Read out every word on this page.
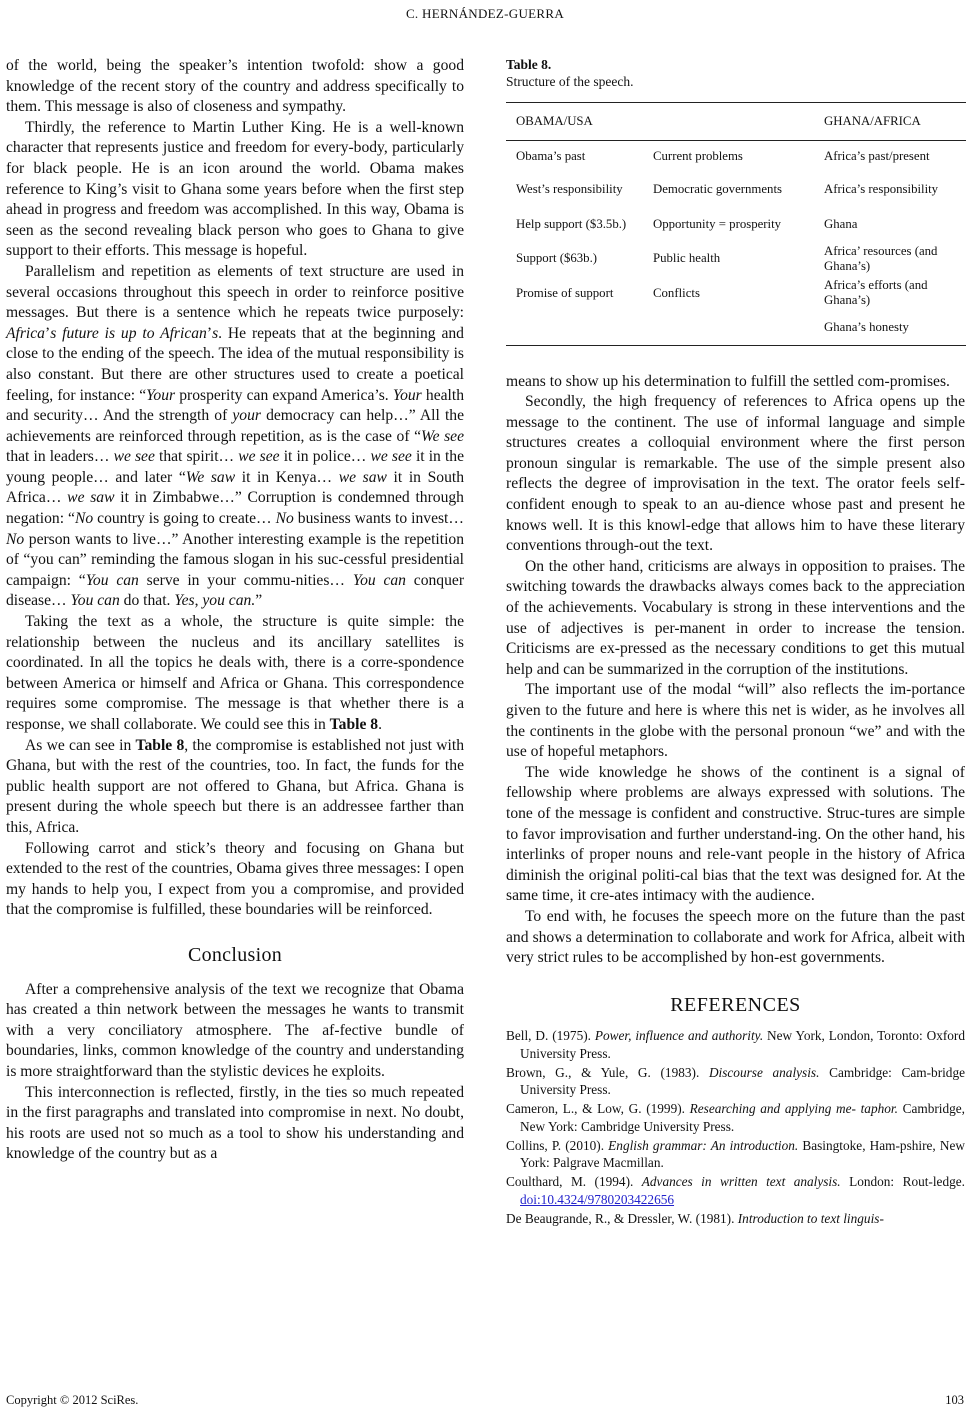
C. HERNÁNDEZ-GUERRA

of the world, being the speaker’s intention twofold: show a good knowledge of the recent story of the country and address specifically to them. This message is also of closeness and sympathy.

Thirdly, the reference to Martin Luther King. He is a well-known character that represents justice and freedom for every-body, particularly for black people. He is an icon around the world. Obama makes reference to King’s visit to Ghana some years before when the first step ahead in progress and freedom was accomplished. In this way, Obama is seen as the second revealing black person who goes to Ghana to give support to their efforts. This message is hopeful.

Parallelism and repetition as elements of text structure are used in several occasions throughout this speech in order to reinforce positive messages. But there is a sentence which he repeats twice purposely: Africa’s future is up to African’s. He repeats that at the beginning and close to the ending of the speech. The idea of the mutual responsibility is also constant. But there are other structures used to create a poetical feeling, for instance: “Your prosperity can expand America’s. Your health and security… And the strength of your democracy can help…” All the achievements are reinforced through repetition, as is the case of “We see that in leaders… we see that spirit… we see it in police… we see it in the young people… and later “We saw it in Kenya… we saw it in South Africa… we saw it in Zimbabwe…” Corruption is condemned through negation: “No country is going to create… No business wants to invest… No person wants to live…” Another interesting example is the repetition of “you can” reminding the famous slogan in his suc-cessful presidential campaign: “You can serve in your commu-nities… You can conquer disease… You can do that. Yes, you can.”

Taking the text as a whole, the structure is quite simple: the relationship between the nucleus and its ancillary satellites is coordinated. In all the topics he deals with, there is a corre-spondence between America or himself and Africa or Ghana. This correspondence requires some compromise. The message is that whether there is a response, we shall collaborate. We could see this in Table 8.

As we can see in Table 8, the compromise is established not just with Ghana, but with the rest of the countries, too. In fact, the funds for the public health support are not offered to Ghana, but Africa. Ghana is present during the whole speech but there is an addressee farther than this, Africa.

Following carrot and stick’s theory and focusing on Ghana but extended to the rest of the countries, Obama gives three messages: I open my hands to help you, I expect from you a compromise, and provided that the compromise is fulfilled, these boundaries will be reinforced.

Conclusion

After a comprehensive analysis of the text we recognize that Obama has created a thin network between the messages he wants to transmit with a very conciliatory atmosphere. The af-fective bundle of boundaries, links, common knowledge of the country and understanding is more straightforward than the stylistic devices he exploits.

This interconnection is reflected, firstly, in the ties so much repeated in the first paragraphs and translated into compromise in next. No doubt, his roots are used not so much as a tool to show his understanding and knowledge of the country but as a

Table 8.
Structure of the speech.
OBAMA/USA		GHANA/AFRICA
Obama’s past	Current problems	Africa’s past/present
West’s responsibility	Democratic governments	Africa’s responsibility
Help support ($3.5b.)	Opportunity = prosperity	Ghana
Support ($63b.)	Public health	Africa’ resources (and Ghana’s)
Promise of support	Conflicts	Africa’s efforts (and Ghana’s)
		Ghana’s honesty

means to show up his determination to fulfill the settled com-promises.

Secondly, the high frequency of references to Africa opens up the message to the continent. The use of informal language and simple structures creates a colloquial environment where the first person pronoun singular is remarkable. The use of the simple present also reflects the degree of improvisation in the text. The orator feels self-confident enough to speak to an au-dience whose past and present he knows well. It is this knowl-edge that allows him to have these literary conventions through-out the text.

On the other hand, criticisms are always in opposition to praises. The switching towards the drawbacks always comes back to the appreciation of the achievements. Vocabulary is strong in these interventions and the use of adjectives is per-manent in order to increase the tension. Criticisms are ex-pressed as the necessary conditions to get this mutual help and can be summarized in the corruption of the institutions.

The important use of the modal “will” also reflects the im-portance given to the future and here is where this net is wider, as he involves all the continents in the globe with the personal pronoun “we” and with the use of hopeful metaphors.

The wide knowledge he shows of the continent is a signal of fellowship where problems are always expressed with solutions. The tone of the message is confident and constructive. Struc-tures are simple to favor improvisation and further understand-ing. On the other hand, his interlinks of proper nouns and rele-vant people in the history of Africa diminish the original politi-cal bias that the text was designed for. At the same time, it cre-ates intimacy with the audience.

To end with, he focuses the speech more on the future than the past and shows a determination to collaborate and work for Africa, albeit with very strict rules to be accomplished by hon-est governments.

REFERENCES
Bell, D. (1975). Power, influence and authority. New York, London, Toronto: Oxford University Press.
Brown, G., & Yule, G. (1983). Discourse analysis. Cambridge: Cam-bridge University Press.
Cameron, L., & Low, G. (1999). Researching and applying me- taphor. Cambridge, New York: Cambridge University Press.
Collins, P. (2010). English grammar: An introduction. Basingtoke, Ham-pshire, New York: Palgrave Macmillan.
Coulthard, M. (1994). Advances in written text analysis. London: Rout-ledge. doi:10.4324/9780203422656
De Beaugrande, R., & Dressler, W. (1981). Introduction to text linguis-
Copyright © 2012 SciRes.	103
